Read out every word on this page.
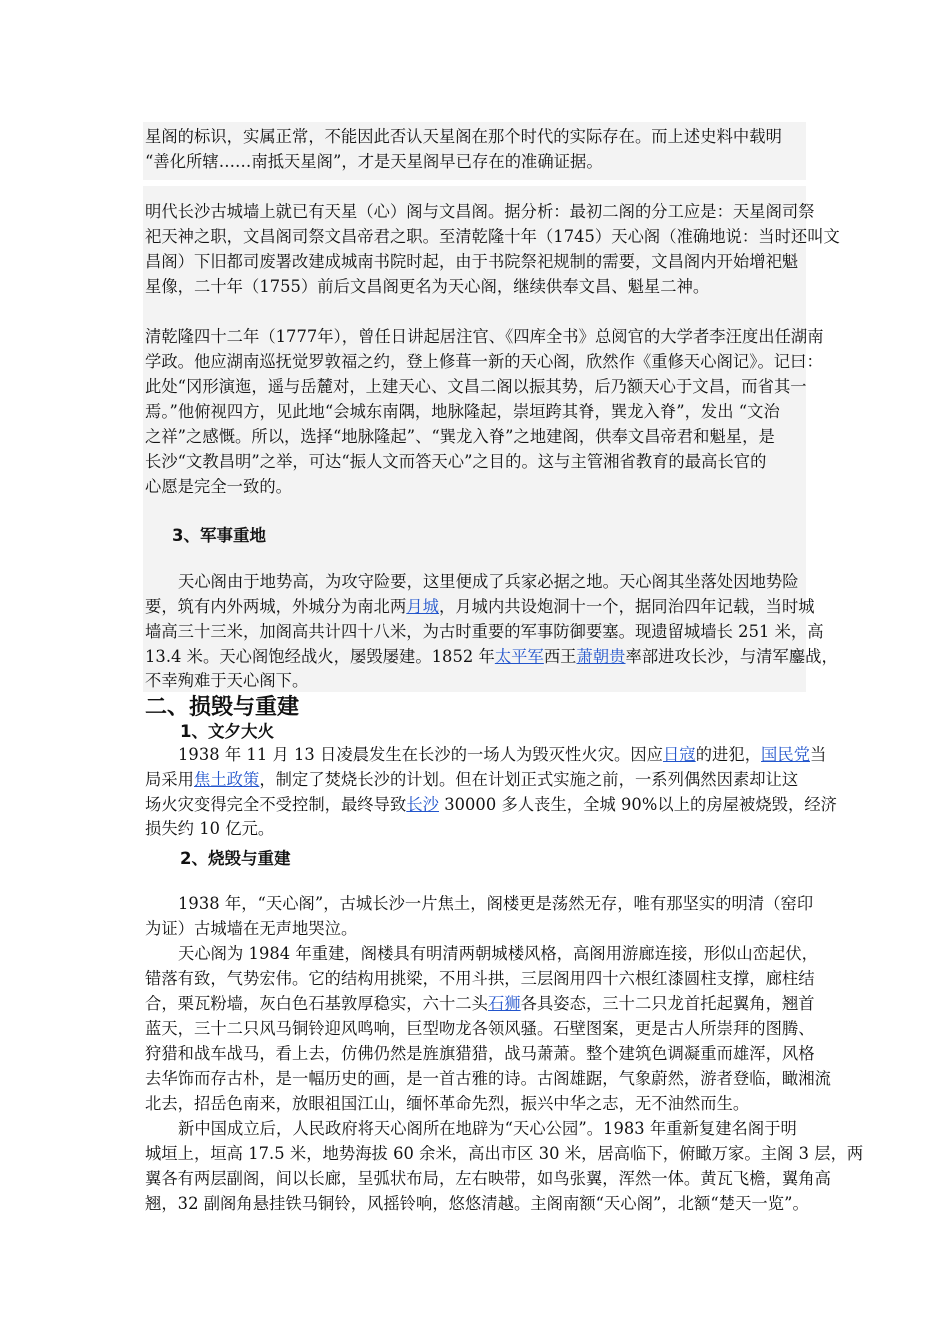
星阁的标识，实属正常，不能因此否认天星阁在那个时代的实际存在。而上述史料中载明
“善化所辖……南抵天星阁”，才是天星阁早已存在的准确证据。
明代长沙古城墙上就已有天星（心）阁与文昌阁。据分析：最初二阁的分工应是：天星阁司祭
祀天神之职，文昌阁司祭文昌帝君之职。至清乾隆十年（1745）天心阁（准确地说：当时还叫文
昌阁）下旧都司废署改建成城南书院时起，由于书院祭祀规制的需要，文昌阁内开始增祀魁
星像，二十年（1755）前后文昌阁更名为天心阁，继续供奉文昌、魁星二神。
清乾隆四十二年（1777年），曾任日讲起居注官、《四库全书》总阅官的大学者李汪度出任湖南
学政。他应湖南巡抚觉罗敦福之约，登上修葺一新的天心阁，欣然作《重修天心阁记》。记曰：
此处“冈形演迤，遥与岳麓对，上建天心、文昌二阁以振其势，后乃额天心于文昌，而省其一
焉。”他俯视四方，见此地“会城东南隅，地脉隆起，崇垣跨其脊，巽龙入脊”，发出 “文治
之祥”之感慨。所以，选择“地脉隆起”、“巽龙入脊”之地建阁，供奉文昌帝君和魁星，是
长沙“文教昌明”之举，可达“振人文而答天心”之目的。这与主管湘省教育的最高长官的
心愿是完全一致的。
3、军事重地
天心阁由于地势高，为攻守险要，这里便成了兵家必据之地。天心阁其坐落处因地势险
要，筑有内外两城，外城分为南北两月城，月城内共设炮洞十一个，据同治四年记载，当时城
墙高三十三米，加阁高共计四十八米，为古时重要的军事防御要塞。现遗留城墙长 251 米，高
13.4 米。天心阁饱经战火，屡毁屡建。1852 年太平军西王萧朝贵率部进攻长沙，与清军鏖战，
不幸殉难于天心阁下。
二、损毁与重建
1、文夕大火
1938 年 11 月 13 日凌晨发生在长沙的一场人为毁灭性火灾。因应日寇的进犯，国民党当
局采用焦土政策，制定了焚烧长沙的计划。但在计划正式实施之前，一系列偶然因素却让这
场火灾变得完全不受控制，最终导致长沙 30000 多人丧生，全城 90%以上的房屋被烧毁，经济
损失约 10 亿元。
2、烧毁与重建
1938 年，“天心阁”，古城长沙一片焦土，阁楼更是荡然无存，唯有那坚实的明清（窑印
为证）古城墙在无声地哭泣。
天心阁为 1984 年重建，阁楼具有明清两朝城楼风格，高阁用游廊连接，形似山峦起伏，
错落有致，气势宏伟。它的结构用挑梁，不用斗拱，三层阁用四十六根红漆圆柱支撑，廊柱结
合，栗瓦粉墙，灰白色石基敦厚稳实，六十二头石狮各具姿态，三十二只龙首托起翼角，翘首
蓝天，三十二只风马铜铃迎风鸣响，巨型吻龙各领风骚。石壁图案，更是古人所崇拜的图腾、
狩猎和战车战马，看上去，仿佛仍然是旌旗猎猎，战马萧萧。整个建筑色调凝重而雄浑，风格
去华饰而存古朴，是一幅历史的画，是一首古雅的诗。古阁雄踞，气象蔚然，游者登临，瞰湘流
北去，招岳色南来，放眼祖国江山，缅怀革命先烈，振兴中华之志，无不油然而生。
新中国成立后，人民政府将天心阁所在地辟为“天心公园”。1983 年重新复建名阁于明
城垣上，垣高 17.5 米，地势海拔 60 余米，高出市区 30 米，居高临下，俯瞰万家。主阁 3 层，两
翼各有两层副阁，间以长廊，呈弧状布局，左右映带，如鸟张翼，浑然一体。黄瓦飞檐，翼角高
翘，32 副阁角悬挂铁马铜铃，风摇铃响，悠悠清越。主阁南额“天心阁”，北额“楚天一览”。
